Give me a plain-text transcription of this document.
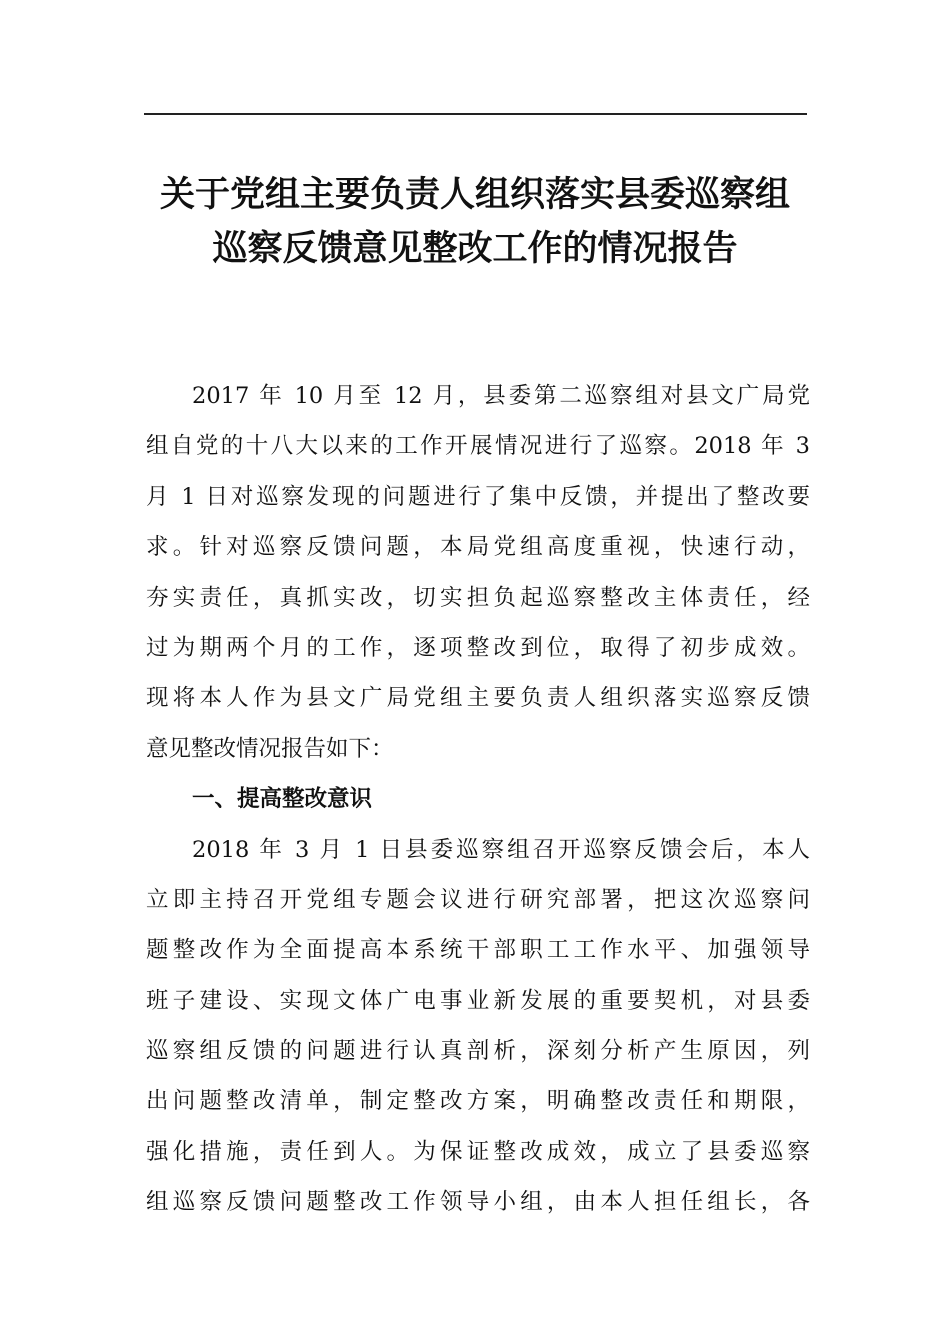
关于党组主要负责人组织落实县委巡察组
巡察反馈意见整改工作的情况报告
2017 年 10 月至 12 月，县委第二巡察组对县文广局党
组自党的十八大以来的工作开展情况进行了巡察。2018 年 3
月 1 日对巡察发现的问题进行了集中反馈，并提出了整改要
求。针对巡察反馈问题，本局党组高度重视，快速行动，
夯实责任，真抓实改，切实担负起巡察整改主体责任，经
过为期两个月的工作，逐项整改到位，取得了初步成效。
现将本人作为县文广局党组主要负责人组织落实巡察反馈
意见整改情况报告如下：
一、提高整改意识
2018 年 3 月 1 日县委巡察组召开巡察反馈会后，本人
立即主持召开党组专题会议进行研究部署，把这次巡察问
题整改作为全面提高本系统干部职工工作水平、加强领导
班子建设、实现文体广电事业新发展的重要契机，对县委
巡察组反馈的问题进行认真剖析，深刻分析产生原因，列
出问题整改清单，制定整改方案，明确整改责任和期限，
强化措施，责任到人。为保证整改成效，成立了县委巡察
组巡察反馈问题整改工作领导小组，由本人担任组长，各
